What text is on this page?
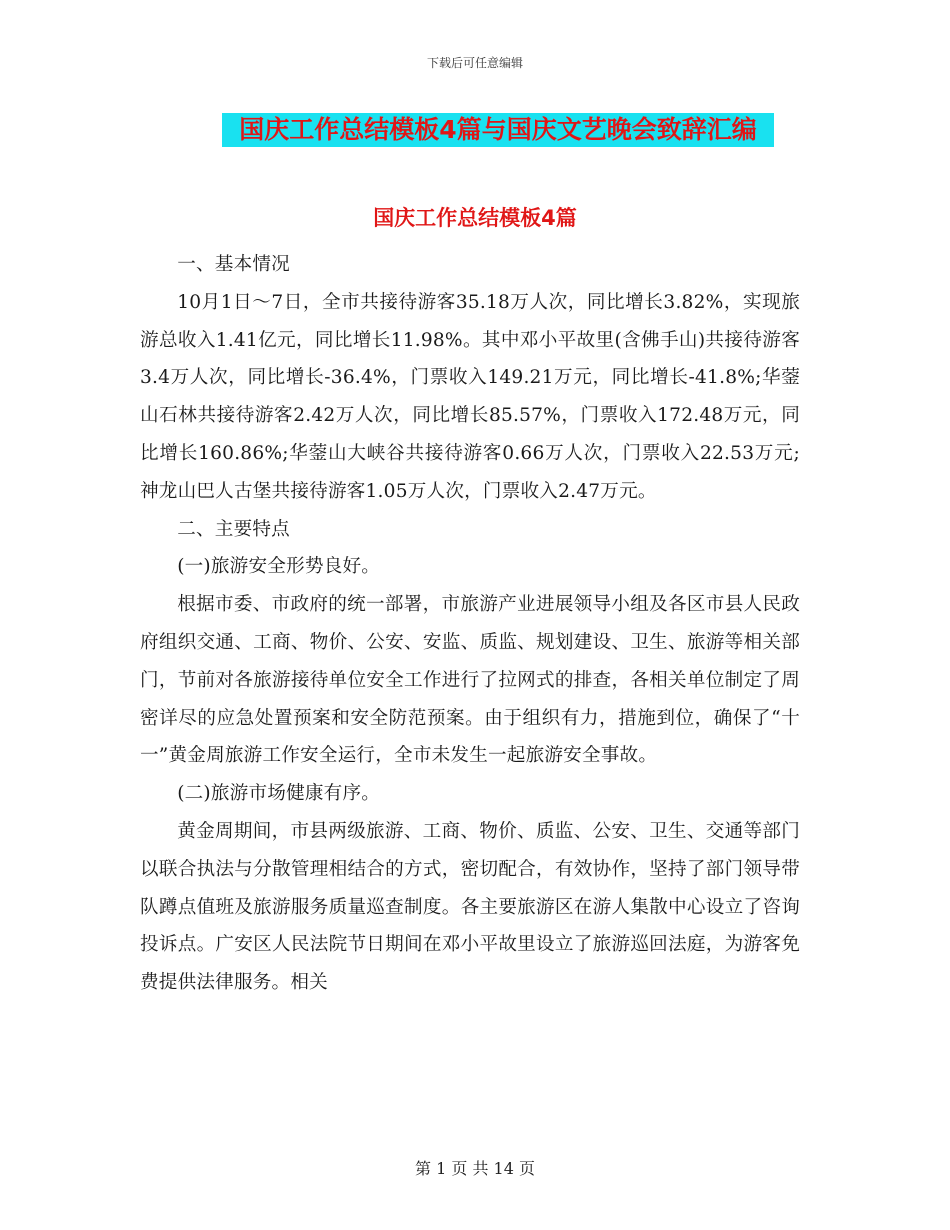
下载后可任意编辑
国庆工作总结模板4篇与国庆文艺晚会致辞汇编
国庆工作总结模板4篇

一、基本情况

10月1日～7日，全市共接待游客35.18万人次，同比增长3.82%，实现旅游总收入1.41亿元，同比增长11.98%。其中邓小平故里(含佛手山)共接待游客3.4万人次，同比增长-36.4%，门票收入149.21万元，同比增长-41.8%;华蓥山石林共接待游客2.42万人次，同比增长85.57%，门票收入172.48万元，同比增长160.86%;华蓥山大峡谷共接待游客0.66万人次，门票收入22.53万元;神龙山巴人古堡共接待游客1.05万人次，门票收入2.47万元。

二、主要特点

(一)旅游安全形势良好。

根据市委、市政府的统一部署，市旅游产业进展领导小组及各区市县人民政府组织交通、工商、物价、公安、安监、质监、规划建设、卫生、旅游等相关部门，节前对各旅游接待单位安全工作进行了拉网式的排查，各相关单位制定了周密详尽的应急处置预案和安全防范预案。由于组织有力，措施到位，确保了“十一”黄金周旅游工作安全运行，全市未发生一起旅游安全事故。

(二)旅游市场健康有序。

黄金周期间，市县两级旅游、工商、物价、质监、公安、卫生、交通等部门以联合执法与分散管理相结合的方式，密切配合，有效协作，坚持了部门领导带队蹲点值班及旅游服务质量巡查制度。各主要旅游区在游人集散中心设立了咨询投诉点。广安区人民法院节日期间在邓小平故里设立了旅游巡回法庭，为游客免费提供法律服务。相关

第 1 页 共 14 页
